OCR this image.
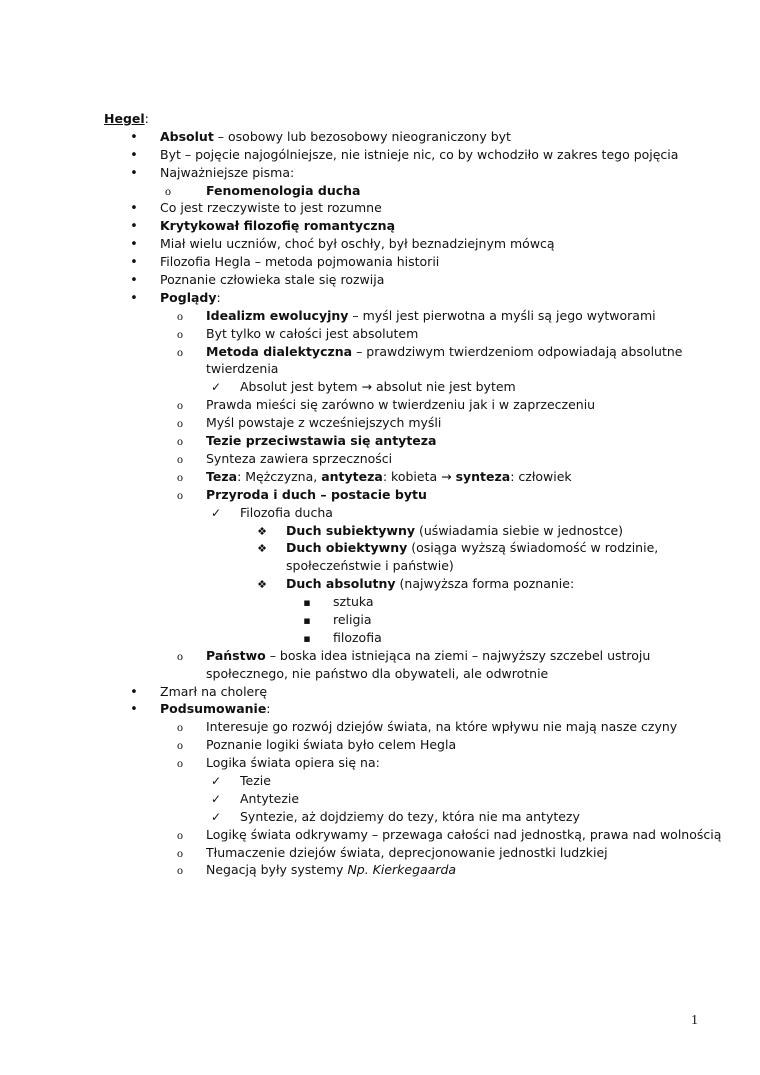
Hegel:
•
Absolut – osobowy lub bezosobowy nieograniczony byt
•
Byt – pojęcie najogólniejsze, nie istnieje nic, co by wchodziło w zakres tego pojęcia
•
Najważniejsze pisma:
o
Fenomenologia ducha
•
Co jest rzeczywiste to jest rozumne
•
Krytykował filozofię romantyczną
•
Miał wielu uczniów, choć był oschły, był beznadziejnym mówcą
•
Filozofia Hegla – metoda pojmowania historii
•
Poznanie człowieka stale się rozwija
•
Poglądy:
o
Idealizm ewolucyjny – myśl jest pierwotna a myśli są jego wytworami
o
Byt tylko w całości jest absolutem
o
Metoda dialektyczna – prawdziwym twierdzeniom odpowiadają absolutne twierdzenia
✓
Absolut jest bytem → absolut nie jest bytem
o
Prawda mieści się zarówno w twierdzeniu jak i w zaprzeczeniu
o
Myśl powstaje z wcześniejszych myśli
o
Tezie przeciwstawia się antyteza
o
Synteza zawiera sprzeczności
o
Teza: Mężczyzna, antyteza: kobieta → synteza: człowiek
o
Przyroda i duch – postacie bytu
✓
Filozofia ducha
❖
Duch subiektywny (uświadamia siebie w jednostce)
❖
Duch obiektywny (osiąga wyższą świadomość w rodzinie, społeczeństwie i państwie)
❖
Duch absolutny (najwyższa forma poznanie:
▪
sztuka
▪
religia
▪
filozofia
o
Państwo – boska idea istniejąca na ziemi – najwyższy szczebel ustroju społecznego, nie państwo dla obywateli, ale odwrotnie
•
Zmarł na cholerę
•
Podsumowanie:
o
Interesuje go rozwój dziejów świata, na które wpływu nie mają nasze czyny
o
Poznanie logiki świata było celem Hegla
o
Logika świata opiera się na:
✓
Tezie
✓
Antytezie
✓
Syntezie, aż dojdziemy do tezy, która nie ma antytezy
o
Logikę świata odkrywamy – przewaga całości nad jednostką, prawa nad wolnością
o
Tłumaczenie dziejów świata, deprecjonowanie jednostki ludzkiej
o
Negacją były systemy Np. Kierkegaarda
1
